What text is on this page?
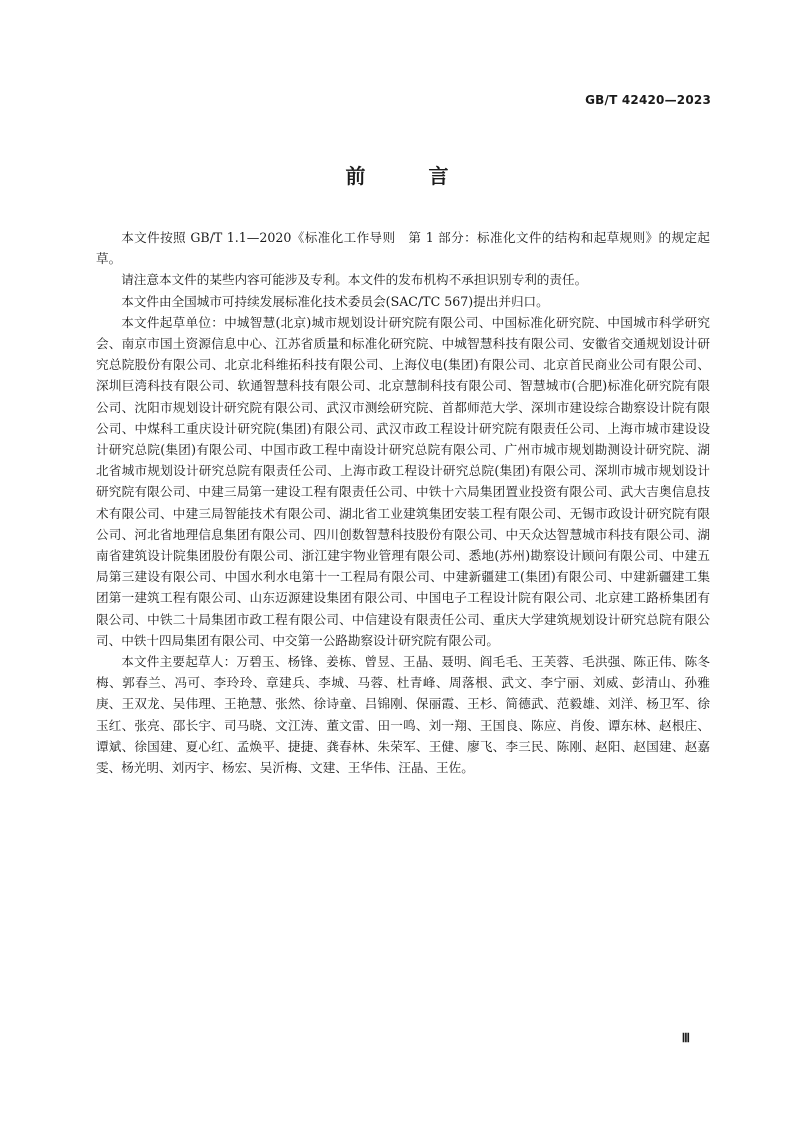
GB/T 42420—2023
前 言

本文件按照 GB/T 1.1—2020《标准化工作导则　第 1 部分：标准化文件的结构和起草规则》的规定起草。

请注意本文件的某些内容可能涉及专利。本文件的发布机构不承担识别专利的责任。

本文件由全国城市可持续发展标准化技术委员会(SAC/TC 567)提出并归口。

本文件起草单位：中城智慧(北京)城市规划设计研究院有限公司、中国标准化研究院、中国城市科学研究会、南京市国土资源信息中心、江苏省质量和标准化研究院、中城智慧科技有限公司、安徽省交通规划设计研究总院股份有限公司、北京北科维拓科技有限公司、上海仪电(集团)有限公司、北京首民商业公司有限公司、深圳巨湾科技有限公司、软通智慧科技有限公司、北京慧制科技有限公司、智慧城市(合肥)标准化研究院有限公司、沈阳市规划设计研究院有限公司、武汉市测绘研究院、首都师范大学、深圳市建设综合勘察设计院有限公司、中煤科工重庆设计研究院(集团)有限公司、武汉市政工程设计研究院有限责任公司、上海市城市建设设计研究总院(集团)有限公司、中国市政工程中南设计研究总院有限公司、广州市城市规划勘测设计研究院、湖北省城市规划设计研究总院有限责任公司、上海市政工程设计研究总院(集团)有限公司、深圳市城市规划设计研究院有限公司、中建三局第一建设工程有限责任公司、中铁十六局集团置业投资有限公司、武大吉奥信息技术有限公司、中建三局智能技术有限公司、湖北省工业建筑集团安装工程有限公司、无锡市政设计研究院有限公司、河北省地理信息集团有限公司、四川创数智慧科技股份有限公司、中天众达智慧城市科技有限公司、湖南省建筑设计院集团股份有限公司、浙江建宇物业管理有限公司、悉地(苏州)勘察设计顾问有限公司、中建五局第三建设有限公司、中国水利水电第十一工程局有限公司、中建新疆建工(集团)有限公司、中建新疆建工集团第一建筑工程有限公司、山东迈源建设集团有限公司、中国电子工程设计院有限公司、北京建工路桥集团有限公司、中铁二十局集团市政工程有限公司、中信建设有限责任公司、重庆大学建筑规划设计研究总院有限公司、中铁十四局集团有限公司、中交第一公路勘察设计研究院有限公司。

本文件主要起草人：万碧玉、杨锋、姜栋、曾昱、王晶、聂明、阎毛毛、王芙蓉、毛洪强、陈正伟、陈冬梅、郭春兰、冯可、李玲玲、章建兵、李城、马蓉、杜青峰、周落根、武文、李宁丽、刘威、彭清山、孙雅庚、王双龙、吴伟理、王艳慧、张然、徐诗童、吕锦刚、保丽霞、王杉、简德武、范毅雄、刘洋、杨卫军、徐玉红、张亮、邵长宇、司马晓、文江涛、董文雷、田一鸣、刘一翔、王国良、陈应、肖俊、谭东林、赵根庄、谭斌、徐国建、夏心红、孟焕平、捷捷、龚春林、朱荣军、王健、廖飞、李三民、陈刚、赵阳、赵国建、赵嘉雯、杨光明、刘丙宇、杨宏、吴沂梅、文建、王华伟、汪晶、王佐。

Ⅲ
